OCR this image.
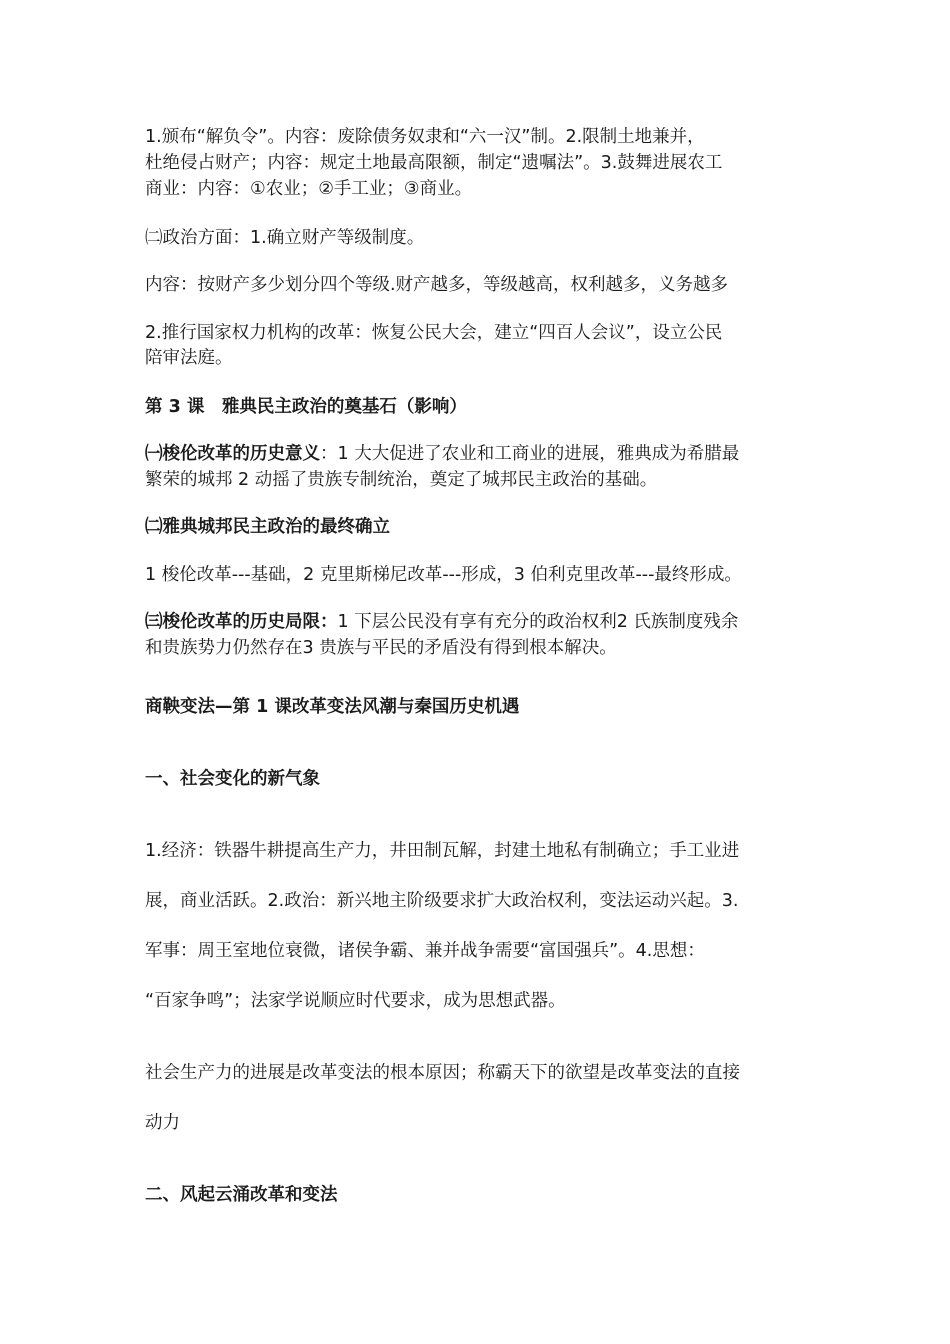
1.颁布“解负令”。内容：废除债务奴隶和“六一汉”制。2.限制土地兼并，
杜绝侵占财产；内容：规定土地最高限额，制定“遗嘱法”。3.鼓舞进展农工
商业：内容：①农业；②手工业；③商业。
㈡政治方面：1.确立财产等级制度。
内容：按财产多少划分四个等级.财产越多，等级越高，权利越多，义务越多
2.推行国家权力机构的改革：恢复公民大会，建立“四百人会议”，设立公民
陪审法庭。
第 3 课　雅典民主政治的奠基石（影响）
㈠梭伦改革的历史意义：1 大大促进了农业和工商业的进展，雅典成为希腊最
繁荣的城邦 2 动摇了贵族专制统治，奠定了城邦民主政治的基础。
㈡雅典城邦民主政治的最终确立
1 梭伦改革---基础，2 克里斯梯尼改革---形成，3 伯利克里改革---最终形成。
㈢梭伦改革的历史局限：1 下层公民没有享有充分的政治权利2 氏族制度残余
和贵族势力仍然存在3 贵族与平民的矛盾没有得到根本解决。
商鞅变法—第 1 课改革变法风潮与秦国历史机遇
一、社会变化的新气象
1.经济：铁器牛耕提高生产力，井田制瓦解，封建土地私有制确立；手工业进
展，商业活跃。2.政治：新兴地主阶级要求扩大政治权利，变法运动兴起。3.
军事：周王室地位衰微，诸侯争霸、兼并战争需要“富国强兵”。4.思想：
“百家争鸣”；法家学说顺应时代要求，成为思想武器。
社会生产力的进展是改革变法的根本原因；称霸天下的欲望是改革变法的直接
动力
二、风起云涌改革和变法
